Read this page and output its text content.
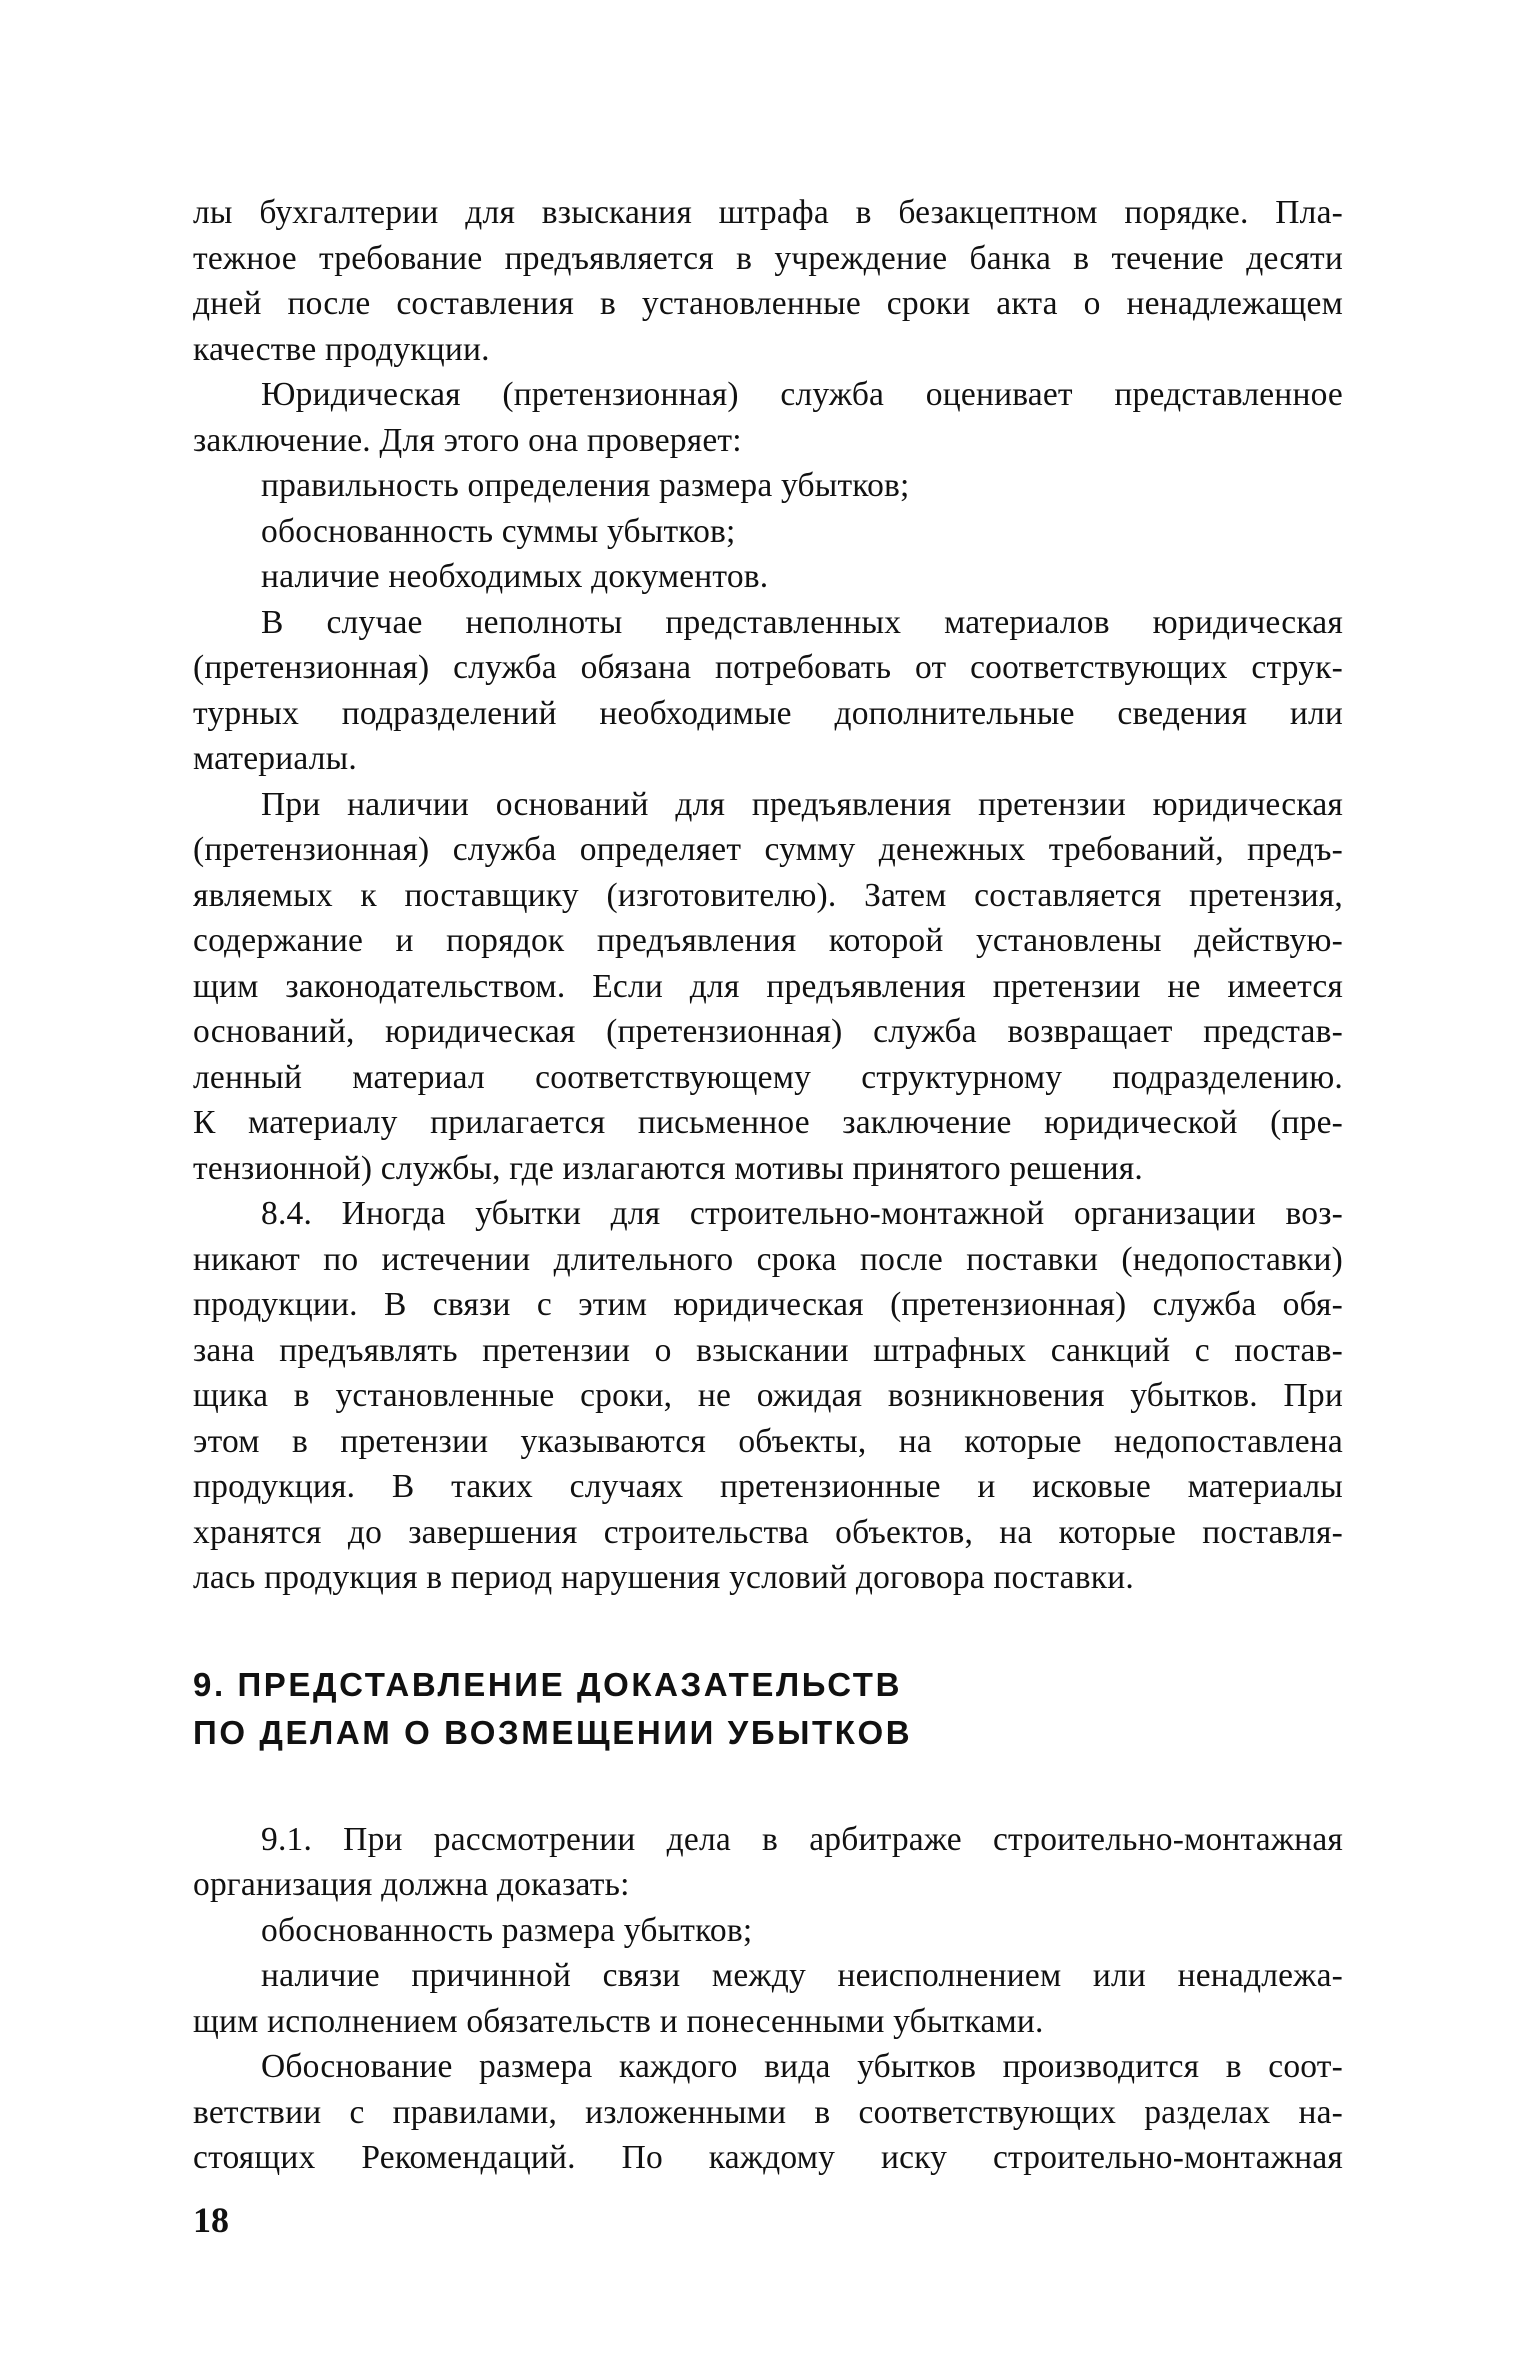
лы бухгалтерии для взыскания штрафа в безакцептном порядке. Пла-
тежное требование предъявляется в учреждение банка в течение десяти
дней после составления в установленные сроки акта о ненадлежащем
качестве продукции.
Юридическая (претензионная) служба оценивает представленное
заключение. Для этого она проверяет:
правильность определения размера убытков;
обоснованность суммы убытков;
наличие необходимых документов.
В случае неполноты представленных материалов юридическая
(претензионная) служба обязана потребовать от соответствующих струк-
турных подразделений необходимые дополнительные сведения или
материалы.
При наличии оснований для предъявления претензии юридическая
(претензионная) служба определяет сумму денежных требований, предъ-
являемых к поставщику (изготовителю). Затем составляется претензия,
содержание и порядок предъявления которой установлены действую-
щим законодательством. Если для предъявления претензии не имеется
оснований, юридическая (претензионная) служба возвращает представ-
ленный материал соответствующему структурному подразделению.
К материалу прилагается письменное заключение юридической (пре-
тензионной) службы, где излагаются мотивы принятого решения.
8.4. Иногда убытки для строительно-монтажной организации воз-
никают по истечении длительного срока после поставки (недопоставки)
продукции. В связи с этим юридическая (претензионная) служба обя-
зана предъявлять претензии о взыскании штрафных санкций с постав-
щика в установленные сроки, не ожидая возникновения убытков. При
этом в претензии указываются объекты, на которые недопоставлена
продукция. В таких случаях претензионные и исковые материалы
хранятся до завершения строительства объектов, на которые поставля-
лась продукция в период нарушения условий договора поставки.
9. ПРЕДСТАВЛЕНИЕ ДОКАЗАТЕЛЬСТВ
ПО ДЕЛАМ О ВОЗМЕЩЕНИИ УБЫТКОВ
9.1. При рассмотрении дела в арбитраже строительно-монтажная
организация должна доказать:
обоснованность размера убытков;
наличие причинной связи между неисполнением или ненадлежа-
щим исполнением обязательств и понесенными убытками.
Обоснование размера каждого вида убытков производится в соот-
ветствии с правилами, изложенными в соответствующих разделах на-
стоящих Рекомендаций. По каждому иску строительно-монтажная
18
